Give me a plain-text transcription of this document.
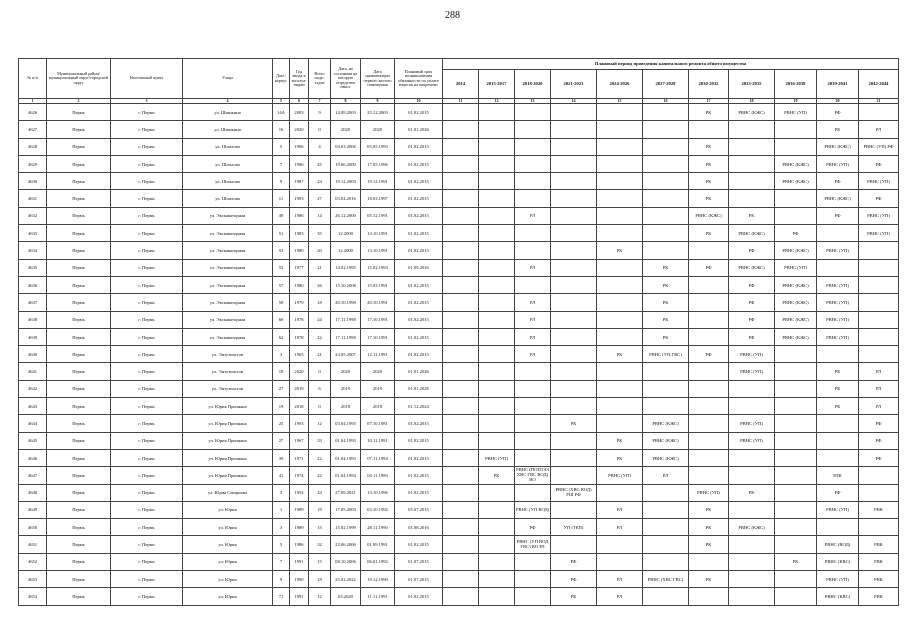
288
№ п/п	Муниципальный район/ муниципальный округ/городской округ	Населенный пункт	Улица	Дом / корпус	Год ввода в эксплуа-тацию	Всего подъ-ездов	Дата, на состоянии на которую определен износ	Дата приватизации первого жилого помещения	Плановый срок возникновения обязанности по уплате взносов на капремонт	Плановый период проведения капитального ремонта общего имущества										
										2014	2015-2017	2018-2020	2021-2023	2024-2026	2027-2029	2030-2032	2033-2035	2036-2038	2039-2041	2042-2044
1	2	3	4	5	6	7	8	9	10	11	12	13	14	15	16	17	18	19	20	21
4626	Пермь	г. Пермь	ул. Шишкина	14А	2003	9	14.09.2003	25.12.2003	01.02.2015							РК	РВНС (КЖС)	РВНС (УП)	РФ	
4627	Пермь	г. Пермь	ул. Шишкина	16	2020	0	2020	2020	01.01.2026										РК	РЛ
4628	Пермь	г. Пермь	ул. Шпалова	5	1996	4	04.03.2006	05.05.1993	01.02.2015							РК			РВНС (КЖС)	РВНС (УП) РФ
4629	Пермь	г. Пермь	ул. Шпалова	7	1996	25	19.06.2000	17.05.1996	01.02.2015							РК		РВНС (КЖС)	РВНС (УП)	РФ
4630	Пермь	г. Пермь	ул. Шпалова	9	1987	24	19.12.2003	19.12.1991	01.02.2015							РК		РВНС (КЖС)	РФ	РВНС (УП)
4631	Пермь	г. Пермь	ул. Шпалова	11	1993	27	03.04.2016	18.03.1997	01.02.2015							РК			РВНС (КЖС)	РФ
4632	Пермь	г. Пермь	ул. Экскаваторная	49	1986	14	26.12.2000	05.12.1991	01.02.2015			РЛ				РВНС (КЖС)	РК		РФ	РВНС (УП)
4633	Пермь	г. Пермь	ул. Экскаваторная	51	1983	35	12.2000	13.10.1991	01.02.2015							РК	РВНС (КЖС)	РФ		РВНС (УП)
4634	Пермь	г. Пермь	ул. Экскаваторная	53	1980	20	12.2000	13.10.1991	01.02.2015					РК			РФ	РВНС (КЖС)	РВНС (УП)	
4635	Пермь	г. Пермь	ул. Экскаваторная	55	1977	21	14.02.1995	15.02.1993	01.09.2016			РЛ			РК	РФ	РВНС (КЖС)	РВНС (УП)		
4636	Пермь	г. Пермь	ул. Экскаваторная	57	1980	26	15.10.2008	15.03.1991	01.02.2015						РК		РФ	РВНС (КЖС)	РВНС (УП)	
4637	Пермь	г. Пермь	ул. Экскаваторная	58	1979	18	20.10.1998	20.10.1991	01.02.2015			РЛ			РК		РФ	РВНС (КЖС)	РВНС (УП)	
4638	Пермь	г. Пермь	ул. Экскаваторная	60	1978	24	17.11.1998	17.10.1991	01.02.2015			РЛ			РК		РФ	РВНС (КЖС)	РВНС (УП)	
4639	Пермь	г. Пермь	ул. Экскаваторная	62	1978	22	17.11.1998	17.10.1991	01.02.2015			РЛ			РК		РФ	РВНС (КЖС)	РВНС (УП)	
4640	Пермь	г. Пермь	ул. Энтузиастов	3	1965	21	24.05.2007	12.11.1991	01.02.2015			РЛ		РК	РВНС (УП,ГВС)	РФ	РВНС (УП)			
4641	Пермь	г. Пермь	ул. Энтузиастов	18	2020	0	2020	2020	01.01.2026								РВНС (УП)		РК	РЛ
4642	Пермь	г. Пермь	ул. Энтузиастов	27	2019	6	2019	2019	01.01.2026										РК	РЛ
4643	Пермь	г. Пермь	ул. Юрия Признана	19	2018	0	2018	2018	01.12.2024										РК	РЛ
4644	Пермь	г. Пермь	ул. Юрия Признана	25	1993	12	03.04.1993	07.10.1981	01.02.2015				РК		РВНС (КЖС)		РВНС (УП)			РФ
4645	Пермь	г. Пермь	ул. Юрия Признана	27	1967	33	01.04.1993	10.11.1991	01.02.2015					РК	РВНС (КЖС)		РВНС (УП)			РФ
4646	Пермь	г. Пермь	ул. Юрия Признана	39	1971	22	01.04.1993	07.11.1994	01.02.2015		РВНС (УП)			РК	РВНС (КЖС)					РФ
4647	Пермь	г. Пермь	ул. Юрия Признана	41	1974	22	01.04.1994	04.11.1990	01.02.2015		РК	РВНС (ПОПТАЗ ХВС ГВС ВОД) ВО		РВНС (УП)	РЛ				РЛК	
4648	Пермь	г. Пермь	ул. Юрия Смирнова	3	1954	44	27.09.2021	13.10.1996	01.02.2015				РВНС (ХВС ВОД) РШ РФ			РВНС (УП)	РК		РФ	
4649	Пермь	г. Пермь	ул. Юрия	1	1989	19	17.05.2003	03.10.1992	05.07.2015			РВНС (УП ВОД)		РЛ		РК			РВНС (УП)	РВК
4650	Пермь	г. Пермь	ул. Юрия	3	1989	15	15.02.1999	28.11.1990	01.08.2016			РФ	УП (ТЕП)	РЛ		РК	РВНС (КЖС)			
4651	Пермь	г. Пермь	ул. Юрия	5	1986	32	23.06.2006	01.09.1991	01.02.2015			РВНС (УП ВОД ГВС) ВО РЛ				РК			РВНС (ВОД)	РВК
4652	Пермь	г. Пермь	ул. Юрия	7	1991	15	08.10.2006	06.01.1992	01.07.2015				РФ					РК	РВНС (КВС)	РВК
4653	Пермь	г. Пермь	ул. Юрия	9	1990	18	25.02.2022	19.12.1990	01.07.2015				РФ	РЛ	РВНС (ХВС ГВС)	РК			РВНС (УП)	РВК
4654	Пермь	г. Пермь	ул. Юрия	71	1991	12	03.2020	11.11.1991	01.02.2015				РК	РЛ					РВНС (КВС)	РВК
